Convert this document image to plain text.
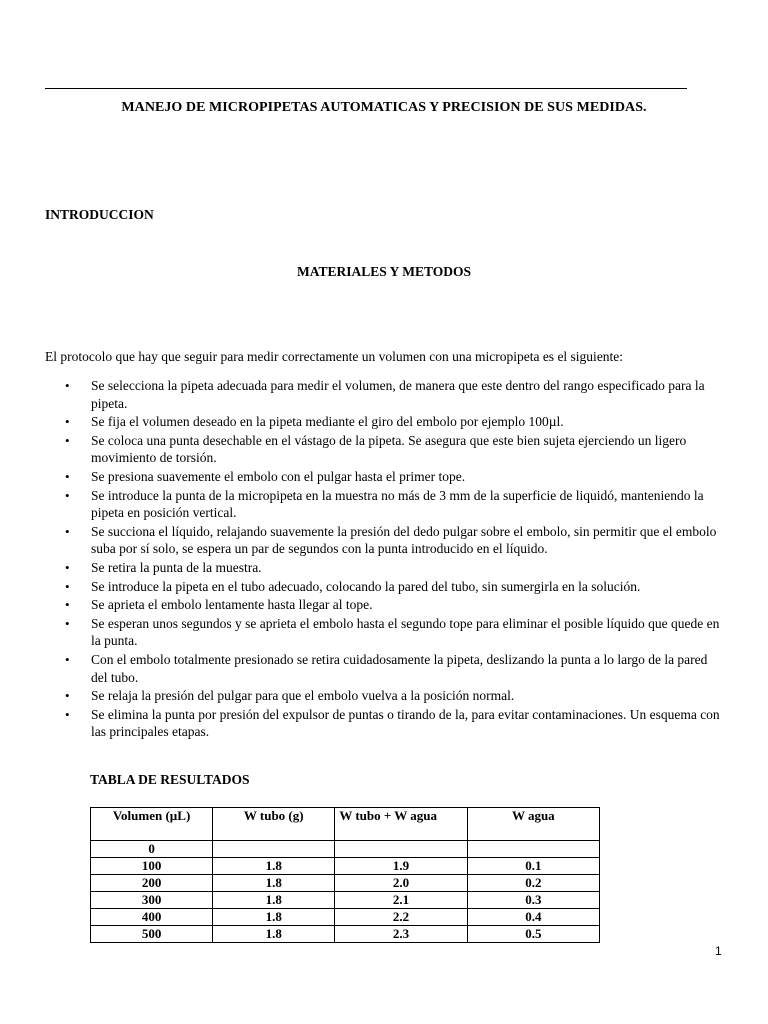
MANEJO DE MICROPIPETAS AUTOMATICAS Y PRECISION DE SUS MEDIDAS.
INTRODUCCION
MATERIALES Y METODOS
El protocolo que hay que seguir para medir correctamente un volumen con una micropipeta es el siguiente:
• Se selecciona la pipeta adecuada para medir el volumen, de manera que este dentro del rango especificado para la pipeta.
• Se fija el volumen deseado en la pipeta mediante el giro del embolo por ejemplo 100µl.
• Se coloca una punta desechable en el vástago de la pipeta. Se asegura que este bien sujeta ejerciendo un ligero movimiento de torsión.
• Se presiona suavemente el embolo con el pulgar hasta el primer tope.
• Se introduce la punta de la micropipeta en la muestra no más de 3 mm de la superficie de liquidó, manteniendo la pipeta en posición vertical.
• Se succiona el líquido, relajando suavemente la presión del dedo pulgar sobre el embolo, sin permitir que el embolo suba por sí solo, se espera un par de segundos con la punta introducido en el líquido.
• Se retira la punta de la muestra.
• Se introduce la pipeta en el tubo adecuado, colocando la pared del tubo, sin sumergirla en la solución.
• Se aprieta el embolo lentamente hasta llegar al tope.
• Se esperan unos segundos y se aprieta el embolo hasta el segundo tope para eliminar el posible líquido que quede en la punta.
• Con el embolo totalmente presionado se retira cuidadosamente la pipeta, deslizando la punta a lo largo de la pared del tubo.
• Se relaja la presión del pulgar para que el embolo vuelva a la posición normal.
• Se elimina la punta por presión del expulsor de puntas o tirando de la, para evitar contaminaciones. Un esquema con las principales etapas.
TABLA DE RESULTADOS
Volumen (µL)	W tubo (g)	W tubo + W agua	W agua
0			
100	1.8	1.9	0.1
200	1.8	2.0	0.2
300	1.8	2.1	0.3
400	1.8	2.2	0.4
500	1.8	2.3	0.5
1
